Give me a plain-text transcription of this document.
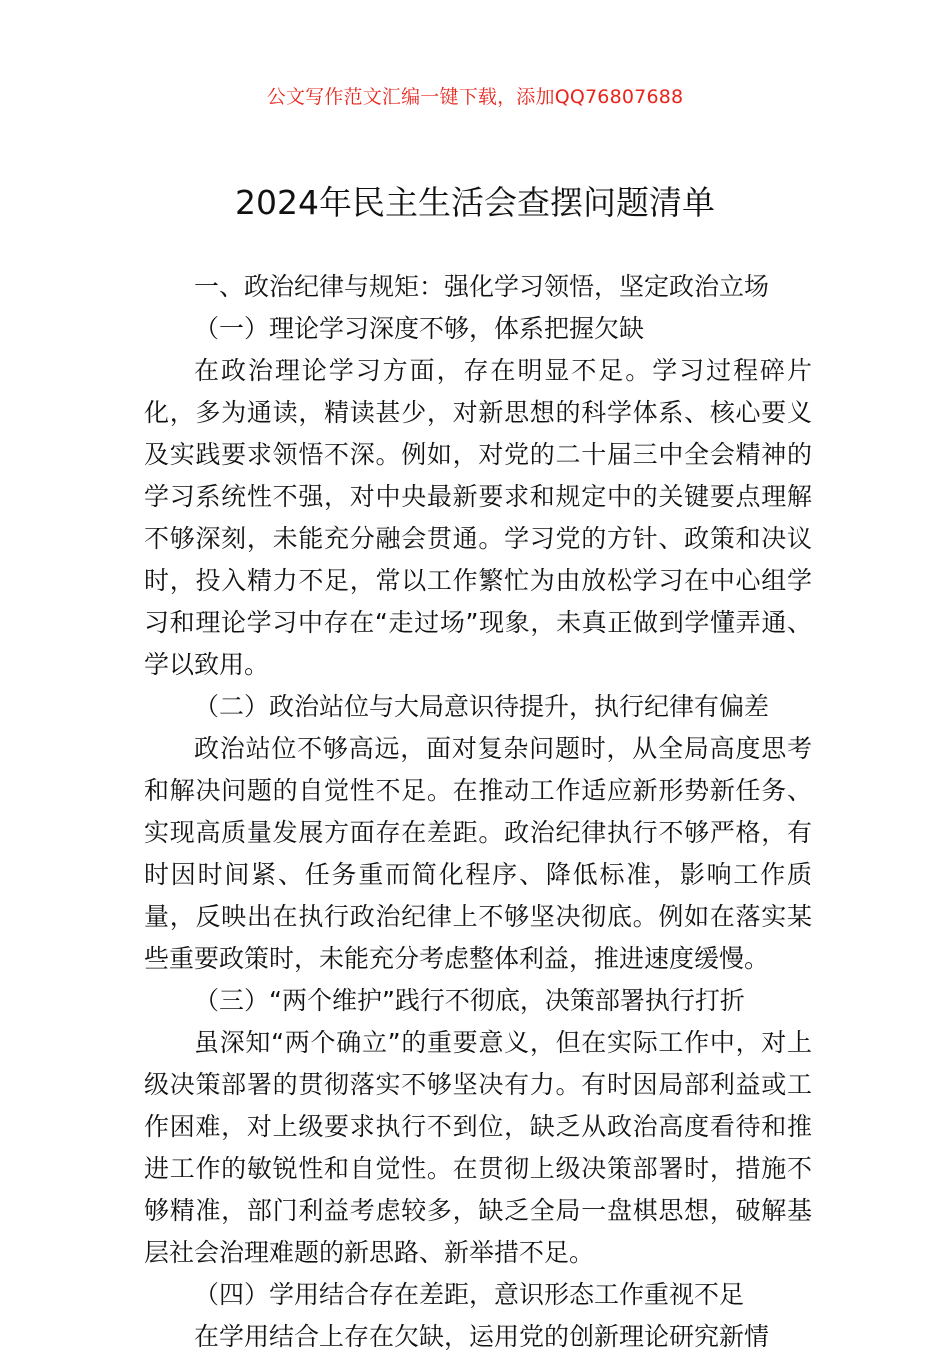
公文写作范文汇编一键下载，添加QQ76807688
2024年民主生活会查摆问题清单

一、政治纪律与规矩：强化学习领悟，坚定政治立场

（一）理论学习深度不够，体系把握欠缺

在政治理论学习方面，存在明显不足。学习过程碎片化，多为通读，精读甚少，对新思想的科学体系、核心要义及实践要求领悟不深。例如，对党的二十届三中全会精神的学习系统性不强，对中央最新要求和规定中的关键要点理解不够深刻，未能充分融会贯通。学习党的方针、政策和决议时，投入精力不足，常以工作繁忙为由放松学习在中心组学习和理论学习中存在“走过场”现象，未真正做到学懂弄通、学以致用。

（二）政治站位与大局意识待提升，执行纪律有偏差

政治站位不够高远，面对复杂问题时，从全局高度思考和解决问题的自觉性不足。在推动工作适应新形势新任务、实现高质量发展方面存在差距。政治纪律执行不够严格，有时因时间紧、任务重而简化程序、降低标准，影响工作质量，反映出在执行政治纪律上不够坚决彻底。例如在落实某些重要政策时，未能充分考虑整体利益，推进速度缓慢。

（三）“两个维护”践行不彻底，决策部署执行打折

虽深知“两个确立”的重要意义，但在实际工作中，对上级决策部署的贯彻落实不够坚决有力。有时因局部利益或工作困难，对上级要求执行不到位，缺乏从政治高度看待和推进工作的敏锐性和自觉性。在贯彻上级决策部署时，措施不够精准，部门利益考虑较多，缺乏全局一盘棋思想，破解基层社会治理难题的新思路、新举措不足。

（四）学用结合存在差距，意识形态工作重视不足

在学用结合上存在欠缺，运用党的创新理论研究新情
